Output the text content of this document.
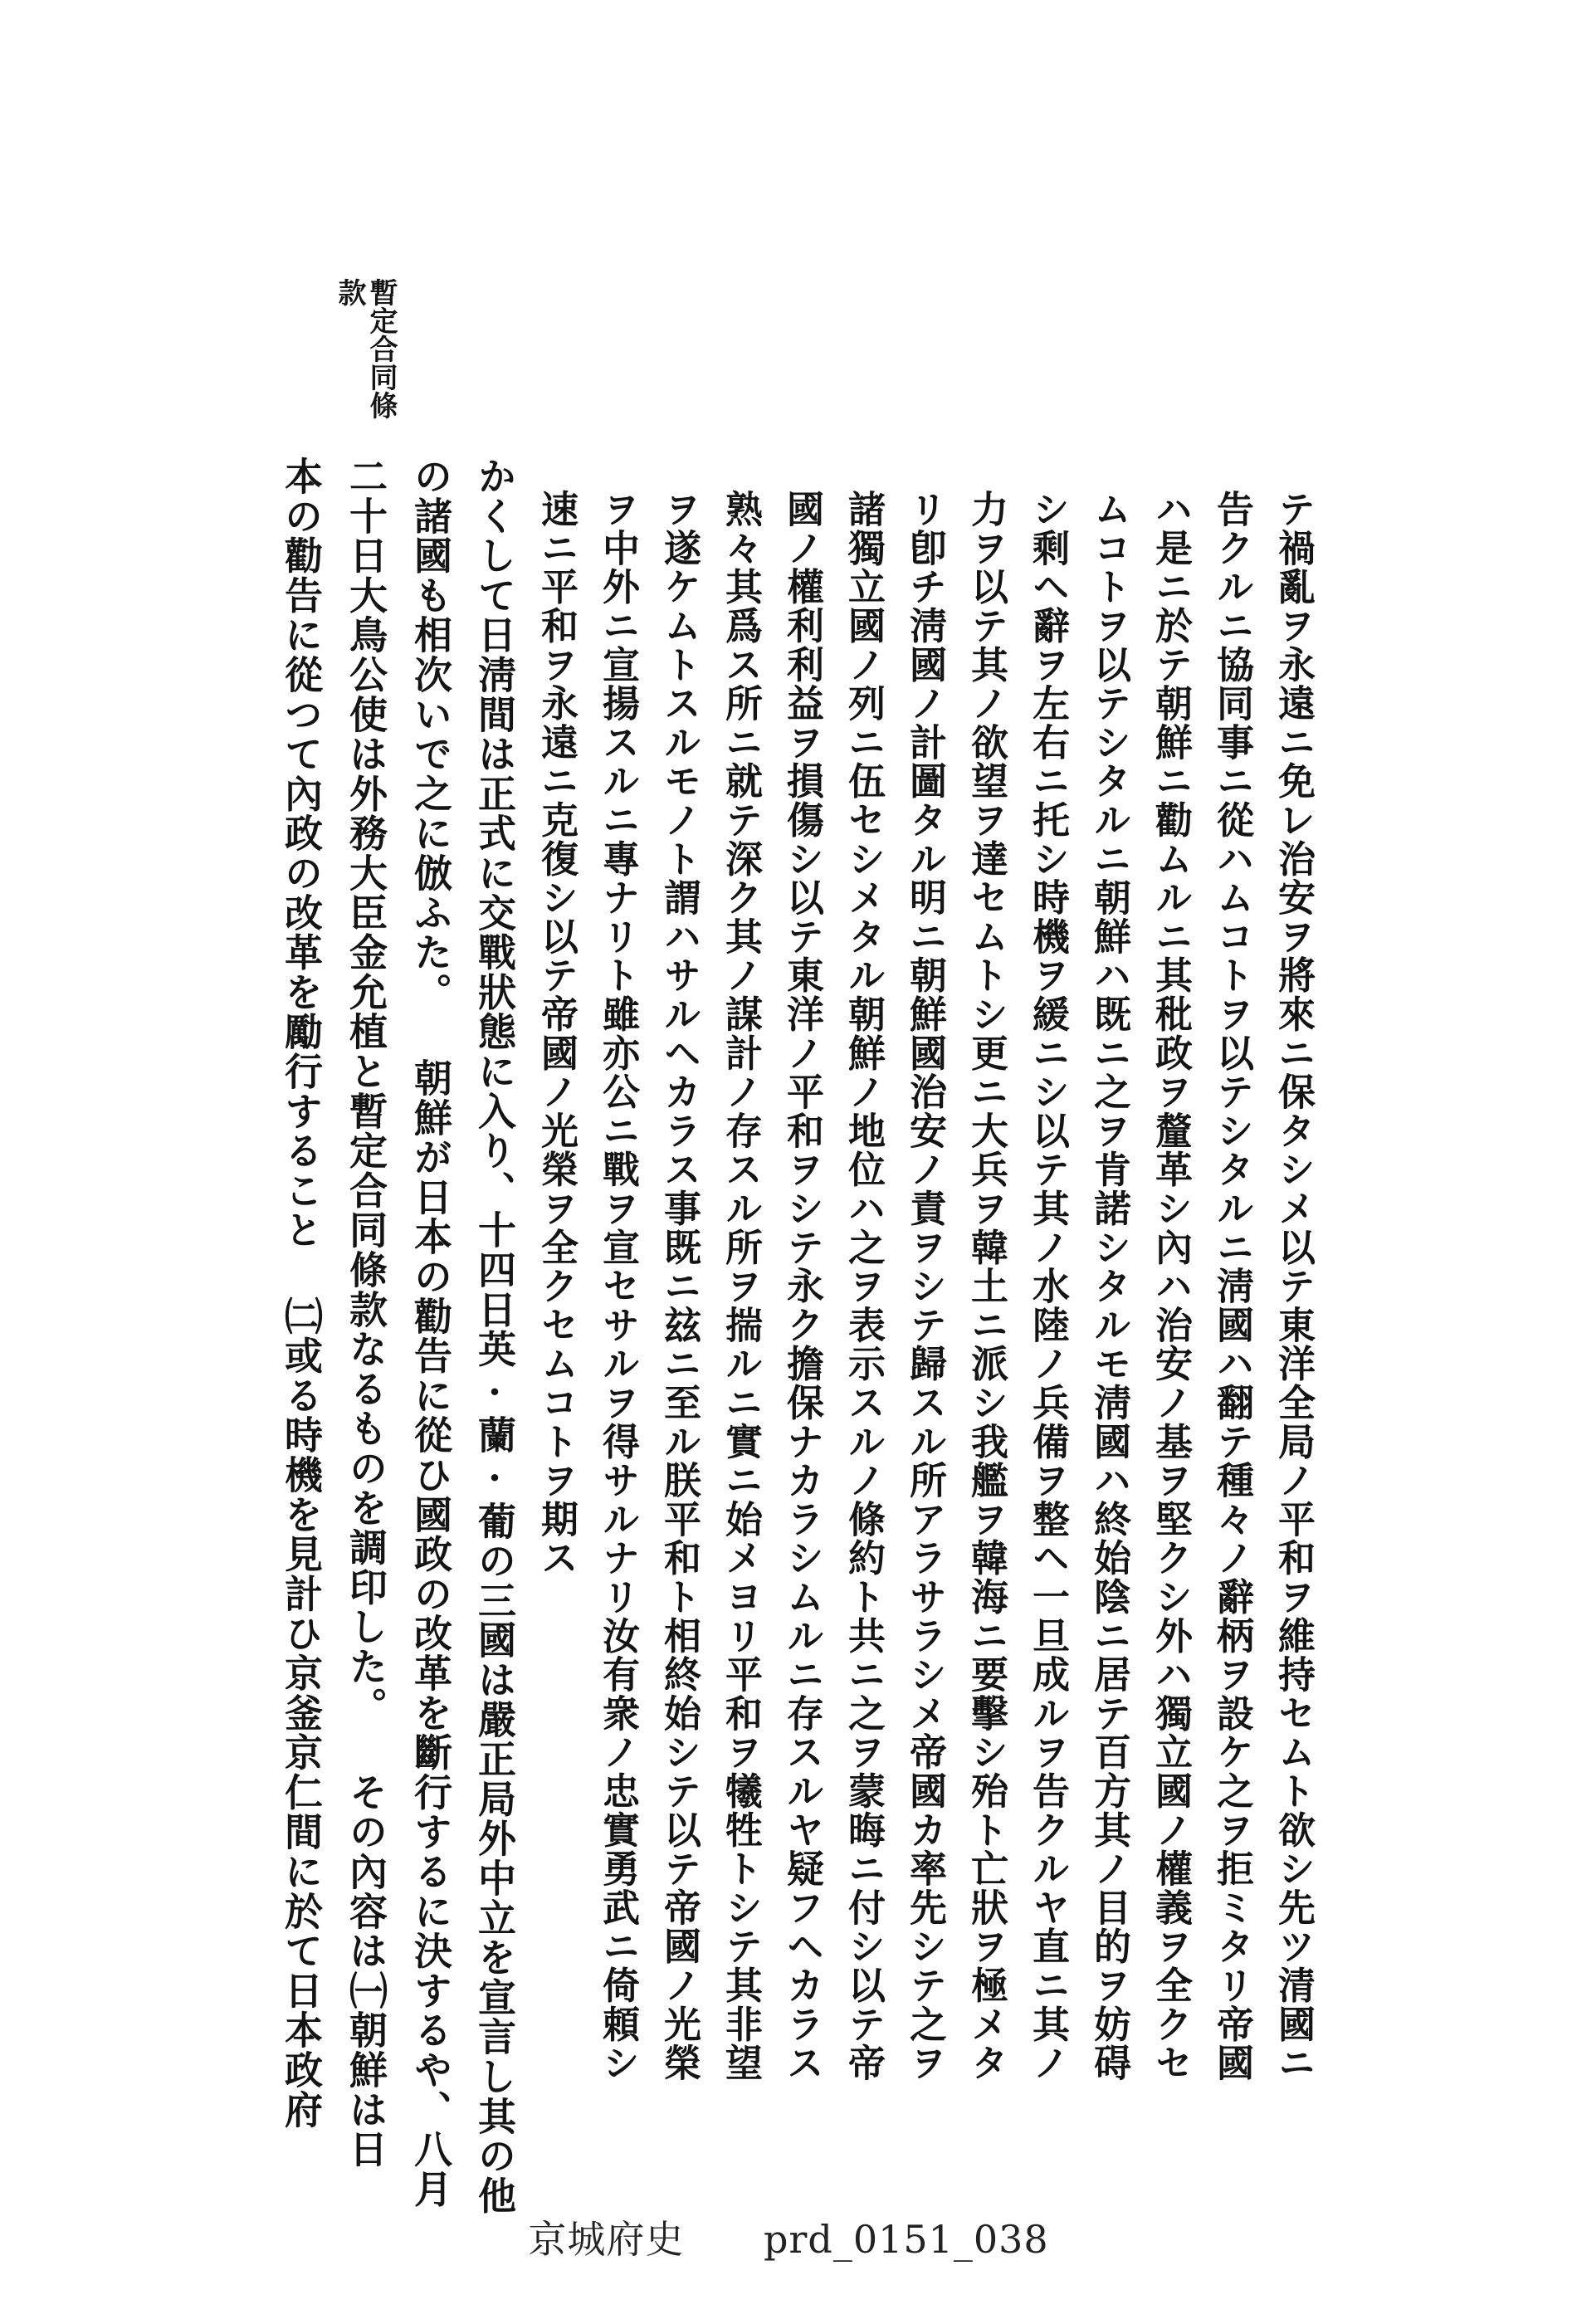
暫定合同條
款
テ禍亂ヲ永遠ニ免レ治安ヲ將來ニ保タシメ以テ東洋全局ノ平和ヲ維持セムト欲シ先ツ清國ニ
告クルニ協同事ニ從ハムコトヲ以テシタルニ淸國ハ翻テ種々ノ辭柄ヲ設ケ之ヲ拒ミタリ帝國
ハ是ニ於テ朝鮮ニ勸ムルニ其秕政ヲ釐革シ內ハ治安ノ基ヲ堅クシ外ハ獨立國ノ權義ヲ全クセ
ムコトヲ以テシタルニ朝鮮ハ既ニ之ヲ肯諾シタルモ淸國ハ終始陰ニ居テ百方其ノ目的ヲ妨碍
シ剩ヘ辭ヲ左右ニ托シ時機ヲ緩ニシ以テ其ノ水陸ノ兵備ヲ整ヘ一旦成ルヲ告クルヤ直ニ其ノ
力ヲ以テ其ノ欲望ヲ達セムトシ更ニ大兵ヲ韓土ニ派シ我艦ヲ韓海ニ要擊シ殆ト亡狀ヲ極メタ
リ卽チ淸國ノ計圖タル明ニ朝鮮國治安ノ責ヲシテ歸スル所アラサラシメ帝國カ率先シテ之ヲ
諸獨立國ノ列ニ伍セシメタル朝鮮ノ地位ハ之ヲ表示スルノ條約ト共ニ之ヲ蒙晦ニ付シ以テ帝
國ノ權利利益ヲ損傷シ以テ東洋ノ平和ヲシテ永ク擔保ナカラシムルニ存スルヤ疑フヘカラス
熟々其爲ス所ニ就テ深ク其ノ謀計ノ存スル所ヲ揣ルニ實ニ始メヨリ平和ヲ犧牲トシテ其非望
ヲ遂ケムトスルモノト謂ハサルヘカラス事既ニ玆ニ至ル朕平和ト相終始シテ以テ帝國ノ光榮
ヲ中外ニ宣揚スルニ專ナリト雖亦公ニ戰ヲ宣セサルヲ得サルナリ汝有衆ノ忠實勇武ニ倚頼シ
速ニ平和ヲ永遠ニ克復シ以テ帝國ノ光榮ヲ全クセムコトヲ期ス
かくして日淸間は正式に交戰狀態に入り、十四日英·蘭·葡の三國は嚴正局外中立を宣言し其の他
の諸國も相次いで之に倣ふた。 朝鮮が日本の勸告に從ひ國政の改革を斷行するに決するや、八月
二十日大鳥公使は外務大臣金允植と暫定合同條款なるものを調印した。 その內容は㈠朝鮮は日
本の勸告に從つて內政の改革を勵行すること ㈡或る時機を見計ひ京釜京仁間に於て日本政府
京城府史 prd_0151_038
